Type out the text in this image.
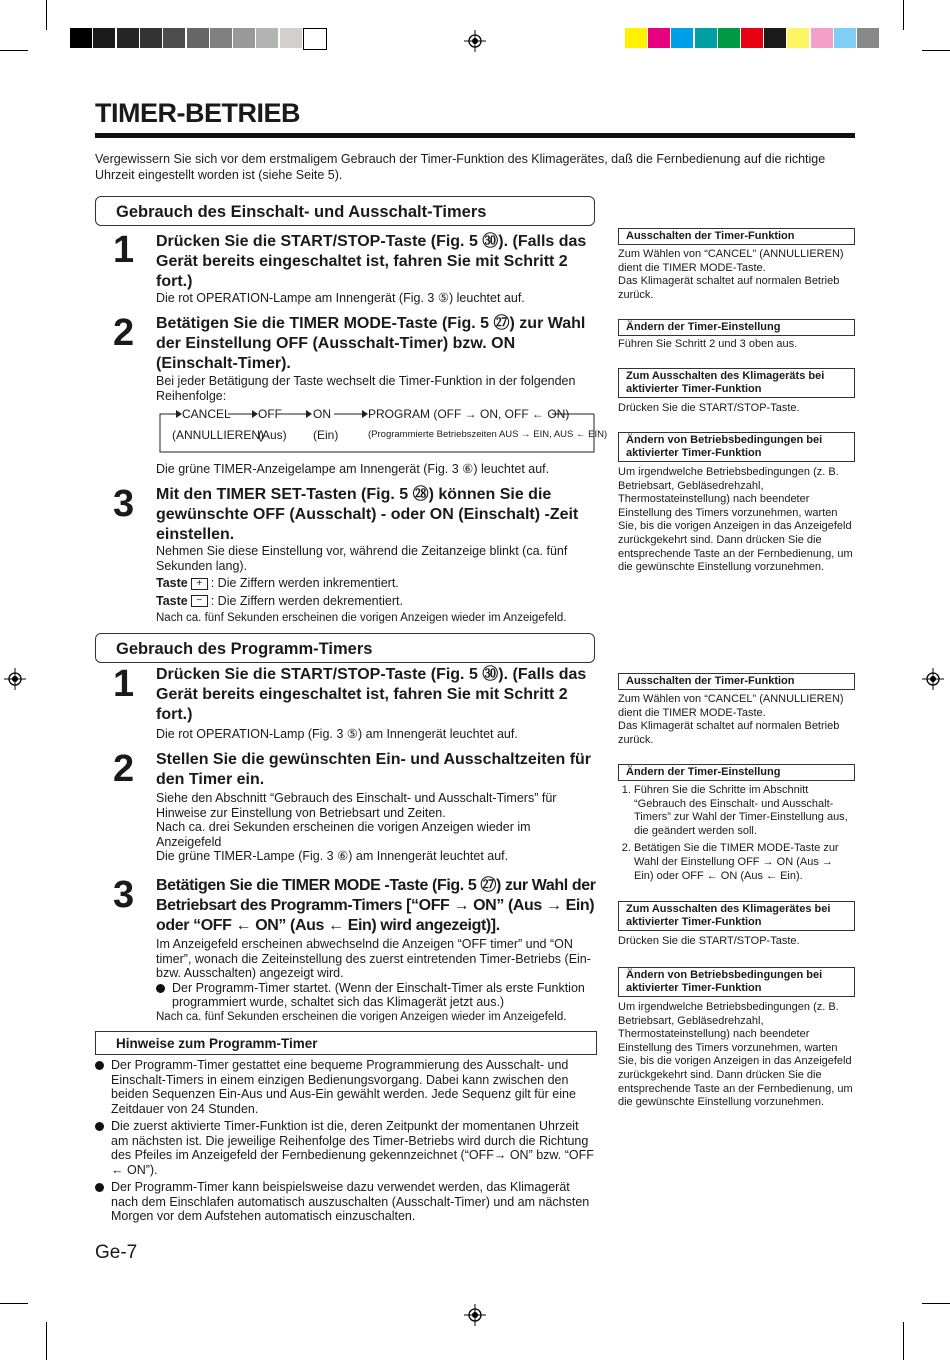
TIMER-BETRIEB
Vergewissern Sie sich vor dem erstmaligem Gebrauch der Timer-Funktion des Klimagerätes, daß die Fernbedienung auf die richtige Uhrzeit eingestellt worden ist (siehe Seite 5).
Gebrauch des Einschalt- und Ausschalt-Timers
1 Drücken Sie die START/STOP-Taste (Fig. 5 ㉚). (Falls das Gerät bereits eingeschaltet ist, fahren Sie mit Schritt 2 fort.)
Die rot OPERATION-Lampe am Innengerät (Fig. 3 ⑤) leuchtet auf.
2 Betätigen Sie die TIMER MODE-Taste (Fig. 5 ㉗) zur Wahl der Einstellung OFF (Ausschalt-Timer) bzw. ON (Einschalt-Timer).
Bei jeder Betätigung der Taste wechselt die Timer-Funktion in der folgenden Reihenfolge:
CANCEL OFF	ON	PROGRAM (OFF → ON, OFF ← ON)
(ANNULLIEREN)
(Aus) (Ein)	(Programmierte Betriebszeiten AUS → EIN, AUS ← EIN)
Die grüne TIMER-Anzeigelampe am Innengerät (Fig. 3 ⑥) leuchtet auf.
3 Mit den TIMER SET-Tasten (Fig. 5 ㉘) können Sie die gewünschte OFF (Ausschalt) - oder ON (Einschalt) -Zeit einstellen.

Nehmen Sie diese Einstellung vor, während die Zeitanzeige blinkt (ca. fünf Sekunden lang).

Taste + : Die Ziffern werden inkrementiert.

Taste − : Die Ziffern werden dekrementiert.

Nach ca. fünf Sekunden erscheinen die vorigen Anzeigen wieder im Anzeigefeld.

Gebrauch des Programm-Timers
1 Drücken Sie die START/STOP-Taste (Fig. 5 ㉚). (Falls das Gerät bereits eingeschaltet ist, fahren Sie mit Schritt 2 fort.)
Die rot OPERATION-Lamp (Fig. 3 ⑤) am Innengerät leuchtet auf.
2 Stellen Sie die gewünschten Ein- und Ausschaltzeiten für den Timer ein.

Siehe den Abschnitt “Gebrauch des Einschalt- und Ausschalt-Timers” für Hinweise zur Einstellung von Betriebsart und Zeiten.

Nach ca. drei Sekunden erscheinen die vorigen Anzeigen wieder im Anzeigefeld

Die grüne TIMER-Lampe (Fig. 3 ⑥) am Innengerät leuchtet auf.

3 Betätigen Sie die TIMER MODE -Taste (Fig. 5 ㉗) zur Wahl der Betriebsart des Programm-Timers [“OFF → ON” (Aus → Ein) oder “OFF ← ON” (Aus ← Ein) wird angezeigt)].

Im Anzeigefeld erscheinen abwechselnd die Anzeigen “OFF timer” und “ON timer”, wonach die Zeiteinstellung des zuerst eintretenden Timer-Betriebs (Ein- bzw. Ausschalten) angezeigt wird.

Der Programm-Timer startet. (Wenn der Einschalt-Timer als erste Funktion programmiert wurde, schaltet sich das Klimagerät jetzt aus.)

Nach ca. fünf Sekunden erscheinen die vorigen Anzeigen wieder im Anzeigefeld.

Hinweise zum Programm-Timer
Der Programm-Timer gestattet eine bequeme Programmierung des Ausschalt- und Einschalt-Timers in einem einzigen Bedienungsvorgang. Dabei kann zwischen den beiden Sequenzen Ein-Aus und Aus-Ein gewählt werden. Jede Sequenz gilt für eine Zeitdauer von 24 Stunden.
Die zuerst aktivierte Timer-Funktion ist die, deren Zeitpunkt der momentanen Uhrzeit am nächsten ist. Die jeweilige Reihenfolge des Timer-Betriebs wird durch die Richtung des Pfeiles im Anzeigefeld der Fernbedienung gekennzeichnet (“OFF→ ON” bzw. “OFF ← ON”).
Der Programm-Timer kann beispielsweise dazu verwendet werden, das Klimagerät nach dem Einschlafen automatisch auszuschalten (Ausschalt-Timer) und am nächsten Morgen vor dem Aufstehen automatisch einzuschalten.
Ge-7
Ausschalten der Timer-Funktion

Zum Wählen von “CANCEL” (ANNULLIEREN) dient die TIMER MODE-Taste.

Das Klimagerät schaltet auf normalen Betrieb zurück.

Ändern der Timer-Einstellung
Führen Sie Schritt 2 und 3 oben aus.
Zum Ausschalten des Klimageräts bei aktivierter Timer-Funktion
Drücken Sie die START/STOP-Taste.
Ändern von Betriebsbedingungen bei aktivierter Timer-Funktion
Um irgendwelche Betriebsbedingungen (z. B. Betriebsart, Gebläsedrehzahl, Thermostateinstellung) nach beendeter Einstellung des Timers vorzunehmen, warten Sie, bis die vorigen Anzeigen in das Anzeigefeld zurückgekehrt sind. Dann drücken Sie die entsprechende Taste an der Fernbedienung, um die gewünschte Einstellung vorzunehmen.
Ausschalten der Timer-Funktion

Zum Wählen von “CANCEL” (ANNULLIEREN) dient die TIMER MODE-Taste.

Das Klimagerät schaltet auf normalen Betrieb zurück.

Ändern der Timer-Einstellung
1. Führen Sie die Schritte im Abschnitt “Gebrauch des Einschalt- und Ausschalt-Timers” zur Wahl der Timer-Einstellung aus, die geändert werden soll.
2. Betätigen Sie die TIMER MODE-Taste zur Wahl der Einstellung OFF → ON (Aus → Ein) oder OFF ← ON (Aus ← Ein).
Zum Ausschalten des Klimagerätes bei aktivierter Timer-Funktion
Drücken Sie die START/STOP-Taste.
Ändern von Betriebsbedingungen bei aktivierter Timer-Funktion
Um irgendwelche Betriebsbedingungen (z. B. Betriebsart, Gebläsedrehzahl, Thermostateinstellung) nach beendeter Einstellung des Timers vorzunehmen, warten Sie, bis die vorigen Anzeigen in das Anzeigefeld zurückgekehrt sind. Dann drücken Sie die entsprechende Taste an der Fernbedienung, um die gewünschte Einstellung vorzunehmen.
